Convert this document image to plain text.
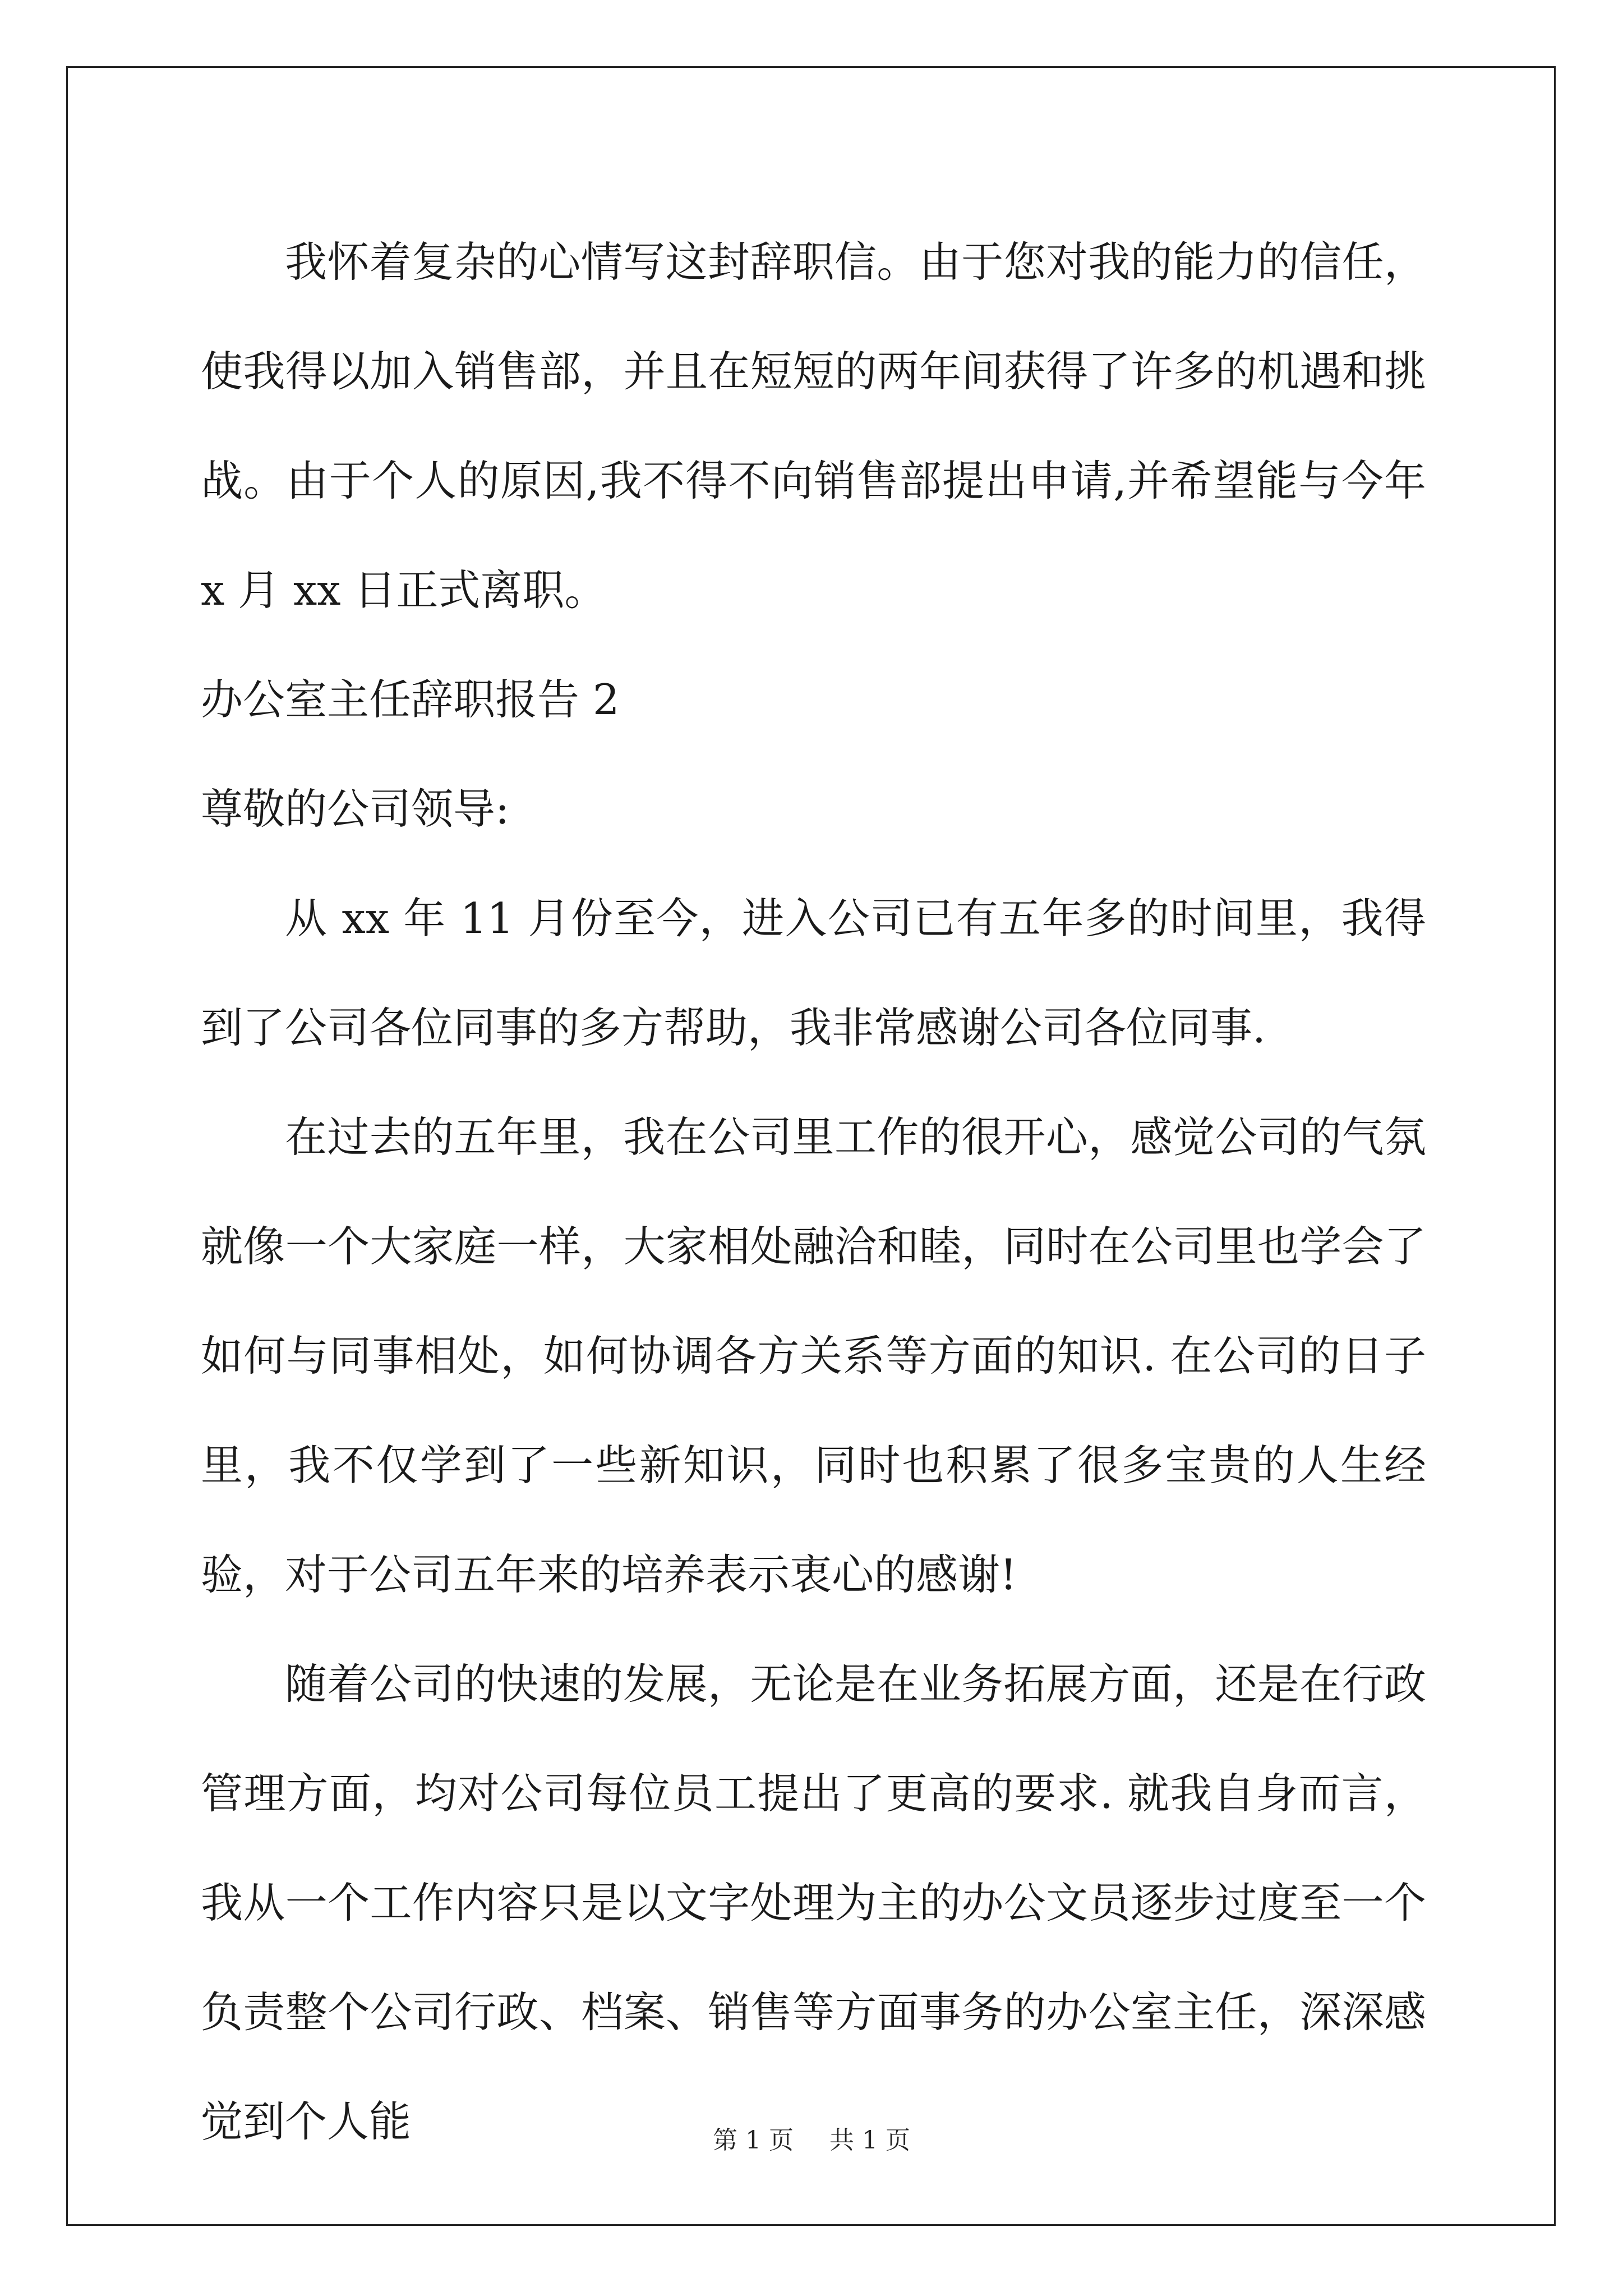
我怀着复杂的心情写这封辞职信。由于您对我的能力的信任，使我得以加入销售部，并且在短短的两年间获得了许多的机遇和挑战。由于个人的原因,我不得不向销售部提出申请,并希望能与今年 x 月 xx 日正式离职。

办公室主任辞职报告 2

尊敬的公司领导:

从 xx 年 11 月份至今，进入公司已有五年多的时间里，我得到了公司各位同事的多方帮助，我非常感谢公司各位同事.

在过去的五年里，我在公司里工作的很开心，感觉公司的气氛就像一个大家庭一样，大家相处融洽和睦，同时在公司里也学会了如何与同事相处，如何协调各方关系等方面的知识. 在公司的日子里，我不仅学到了一些新知识，同时也积累了很多宝贵的人生经验，对于公司五年来的培养表示衷心的感谢!

随着公司的快速的发展，无论是在业务拓展方面，还是在行政管理方面，均对公司每位员工提出了更高的要求. 就我自身而言，我从一个工作内容只是以文字处理为主的办公文员逐步过度至一个负责整个公司行政、档案、销售等方面事务的办公室主任，深深感觉到个人能	第 1 页 共 1 页
